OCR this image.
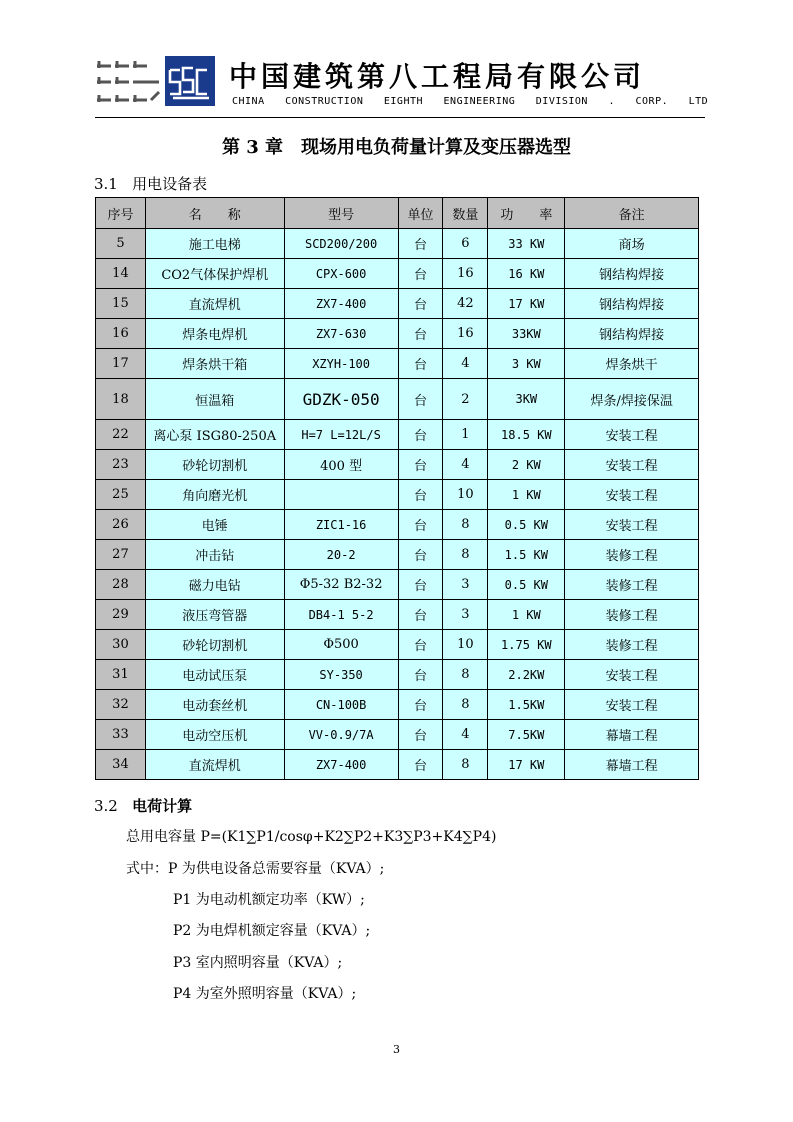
中国建筑第八工程局有限公司
CHINA CONSTRUCTION EIGHTH ENGINEERING DIVISION . CORP. LTD
第 3 章　现场用电负荷量计算及变压器选型
3.1 用电设备表
序号	名　　称	型号	单位	数量	功　　率	备注
5	施工电梯	SCD200/200	台	6	33 KW	商场
14	CO2气体保护焊机	CPX-600	台	16	16 KW	钢结构焊接
15	直流焊机	ZX7-400	台	42	17 KW	钢结构焊接
16	焊条电焊机	ZX7-630	台	16	33KW	钢结构焊接
17	焊条烘干箱	XZYH-100	台	4	3 KW	焊条烘干
18	恒温箱	GDZK-050	台	2	3KW	焊条/焊接保温
22	离心泵 ISG80-250A	H=7 L=12L/S	台	1	18.5 KW	安装工程
23	砂轮切割机	400 型	台	4	2 KW	安装工程
25	角向磨光机		台	10	1 KW	安装工程
26	电锤	ZIC1-16	台	8	0.5 KW	安装工程
27	冲击钻	20-2	台	8	1.5 KW	装修工程
28	磁力电钻	Φ5-32 B2-32	台	3	0.5 KW	装修工程
29	液压弯管器	DB4-1 5-2	台	3	1 KW	装修工程
30	砂轮切割机	Φ500	台	10	1.75 KW	装修工程
31	电动试压泵	SY-350	台	8	2.2KW	安装工程
32	电动套丝机	CN-100B	台	8	1.5KW	安装工程
33	电动空压机	VV-0.9/7A	台	4	7.5KW	幕墙工程
34	直流焊机	ZX7-400	台	8	17 KW	幕墙工程
3.2 电荷计算
总用电容量 P=(K1∑P1/cosφ+K2∑P2+K3∑P3+K4∑P4)
式中：P 为供电设备总需要容量（KVA）;
P1 为电动机额定功率（KW）;
P2 为电焊机额定容量（KVA）;
P3 室内照明容量（KVA）;
P4 为室外照明容量（KVA）;
3
